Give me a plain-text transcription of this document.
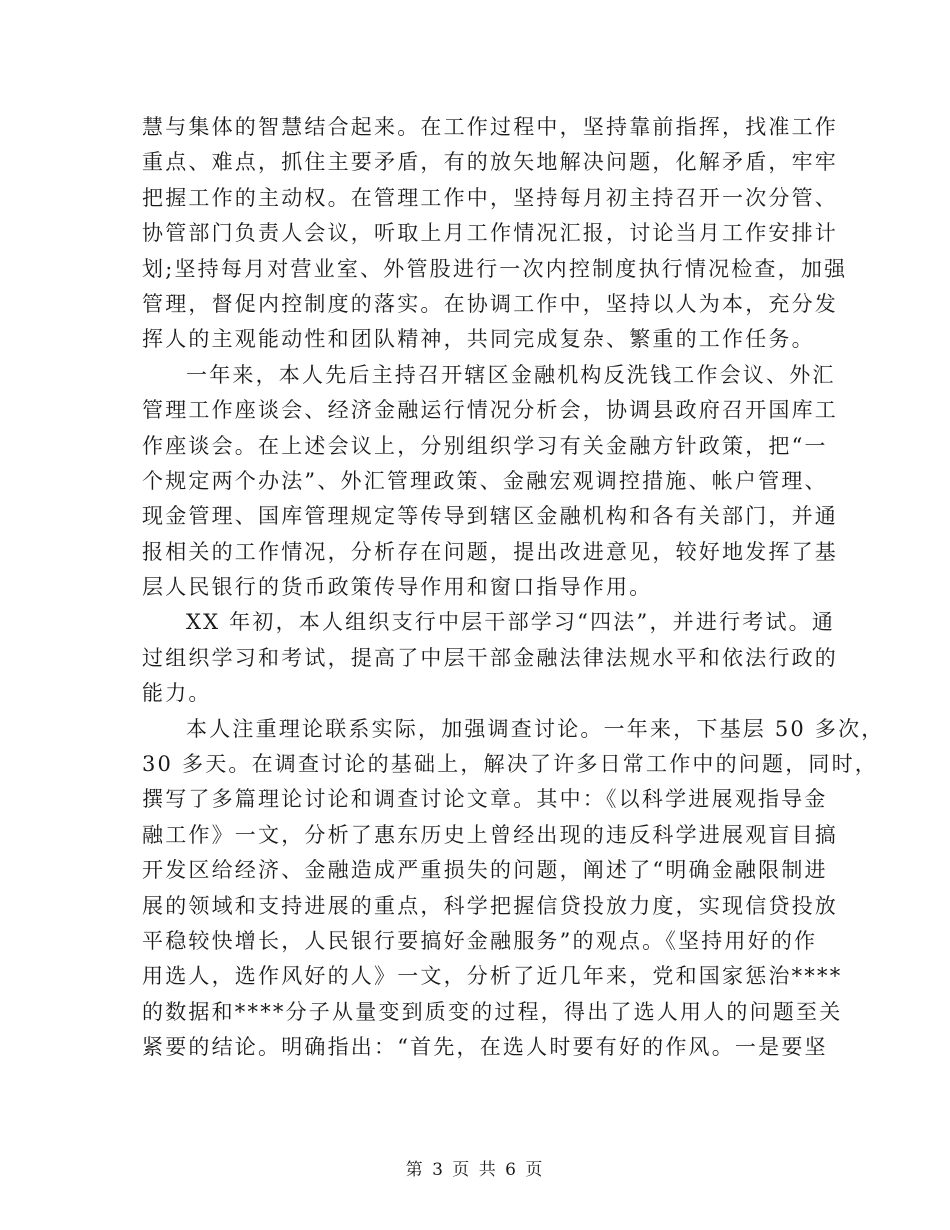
慧与集体的智慧结合起来。在工作过程中，坚持靠前指挥，找准工作
重点、难点，抓住主要矛盾，有的放矢地解决问题，化解矛盾，牢牢
把握工作的主动权。在管理工作中，坚持每月初主持召开一次分管、
协管部门负责人会议，听取上月工作情况汇报，讨论当月工作安排计
划;坚持每月对营业室、外管股进行一次内控制度执行情况检查，加强
管理，督促内控制度的落实。在协调工作中，坚持以人为本，充分发
挥人的主观能动性和团队精神，共同完成复杂、繁重的工作任务。
一年来，本人先后主持召开辖区金融机构反洗钱工作会议、外汇
管理工作座谈会、经济金融运行情况分析会，协调县政府召开国库工
作座谈会。在上述会议上，分别组织学习有关金融方针政策，把“一
个规定两个办法”、外汇管理政策、金融宏观调控措施、帐户管理、
现金管理、国库管理规定等传导到辖区金融机构和各有关部门，并通
报相关的工作情况，分析存在问题，提出改进意见，较好地发挥了基
层人民银行的货币政策传导作用和窗口指导作用。
XX 年初，本人组织支行中层干部学习“四法”，并进行考试。通
过组织学习和考试，提高了中层干部金融法律法规水平和依法行政的
能力。
本人注重理论联系实际，加强调查讨论。一年来，下基层 50 多次，
30 多天。在调查讨论的基础上，解决了许多日常工作中的问题，同时，
撰写了多篇理论讨论和调查讨论文章。其中：《以科学进展观指导金
融工作》一文，分析了惠东历史上曾经出现的违反科学进展观盲目搞
开发区给经济、金融造成严重损失的问题，阐述了“明确金融限制进
展的领域和支持进展的重点，科学把握信贷投放力度，实现信贷投放
平稳较快增长，人民银行要搞好金融服务”的观点。《坚持用好的作
用选人，选作风好的人》一文，分析了近几年来，党和国家惩治****
的数据和****分子从量变到质变的过程，得出了选人用人的问题至关
紧要的结论。明确指出：“首先，在选人时要有好的作风。一是要坚
第 3 页 共 6 页
